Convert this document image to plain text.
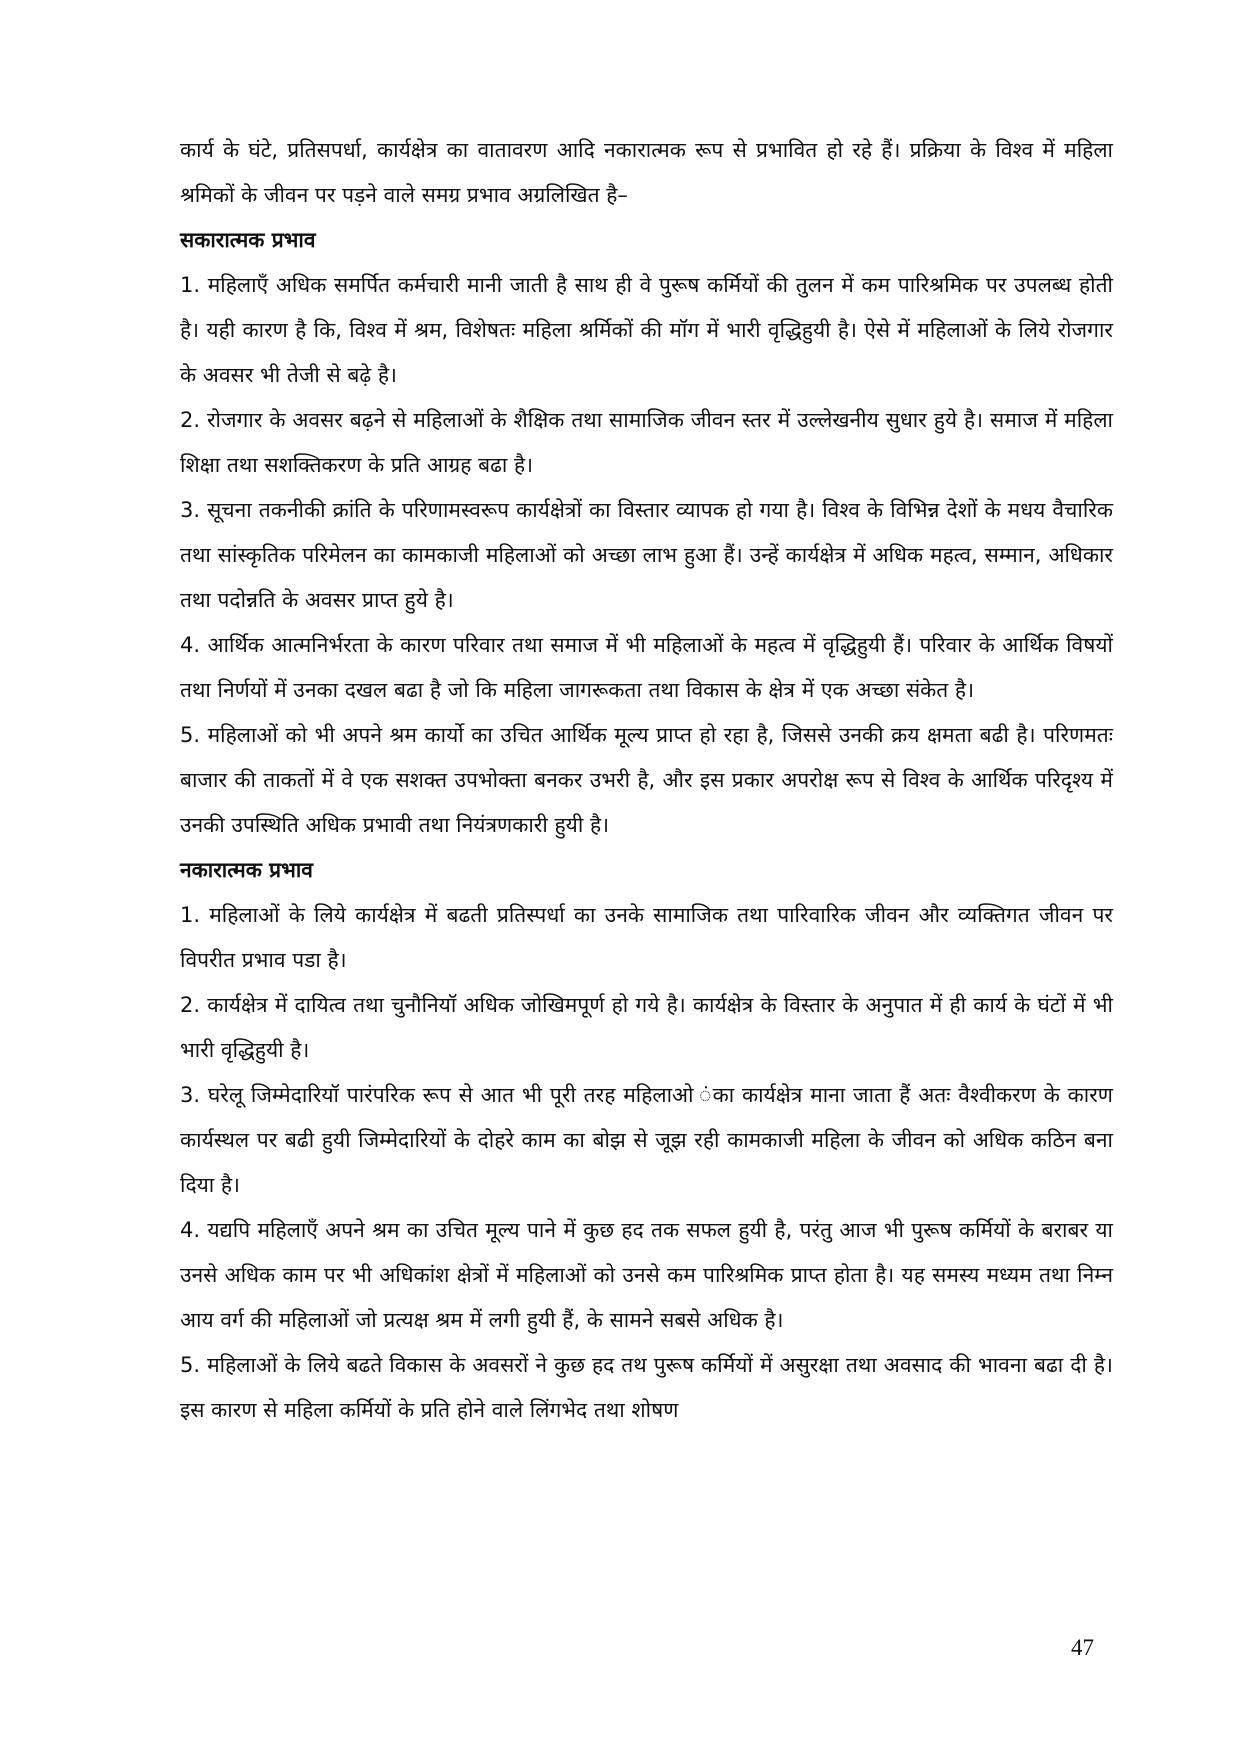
कार्य के घंटे, प्रतिसपर्धा, कार्यक्षेत्र का वातावरण आदि नकारात्मक रूप से प्रभावित हो रहे हैं। प्रक्रिया के विश्व में महिला श्रमिकों के जीवन पर पड़ने वाले समग्र प्रभाव अग्रलिखित है–

सकारात्मक प्रभाव

1. महिलाएँ अधिक समर्पित कर्मचारी मानी जाती है साथ ही वे पुरूष कर्मियों की तुलन में कम पारिश्रमिक पर उपलब्ध होती है। यही कारण है कि, विश्व में श्रम, विशेषतः महिला श्रर्मिकों की मॉग में भारी वृद्धिहुयी है। ऐसे में महिलाओं के लिये रोजगार के अवसर भी तेजी से बढ़े है।

2. रोजगार के अवसर बढ़ने से महिलाओं के शैक्षिक तथा सामाजिक जीवन स्तर में उल्लेखनीय सुधार हुये है। समाज में महिला शिक्षा तथा सशक्तिकरण के प्रति आग्रह बढा है।

3. सूचना तकनीकी क्रांति के परिणामस्वरूप कार्यक्षेत्रों का विस्तार व्यापक हो गया है। विश्व के विभिन्न देशों के मधय वैचारिक तथा सांस्कृतिक परिमेलन का कामकाजी महिलाओं को अच्छा लाभ हुआ हैं। उन्हें कार्यक्षेत्र में अधिक महत्व, सम्मान, अधिकार तथा पदोन्नति के अवसर प्राप्त हुये है।

4. आर्थिक आत्मनिर्भरता के कारण परिवार तथा समाज में भी महिलाओं के महत्व में वृद्धिहुयी हैं। परिवार के आर्थिक विषयों तथा निर्णयों में उनका दखल बढा है जो कि महिला जागरूकता तथा विकास के क्षेत्र में एक अच्छा संकेत है।

5. महिलाओं को भी अपने श्रम कार्यो का उचित आर्थिक मूल्य प्राप्त हो रहा है, जिससे उनकी क्रय क्षमता बढी है। परिणमतः बाजार की ताकतों में वे एक सशक्त उपभोक्ता बनकर उभरी है, और इस प्रकार अपरोक्ष रूप से विश्व के आर्थिक परिदृश्य में उनकी उपस्थिति अधिक प्रभावी तथा नियंत्रणकारी हुयी है।

नकारात्मक प्रभाव

1. महिलाओं के लिये कार्यक्षेत्र में बढती प्रतिस्पर्धा का उनके सामाजिक तथा पारिवारिक जीवन और व्यक्तिगत जीवन पर विपरीत प्रभाव पडा है।

2. कार्यक्षेत्र में दायित्व तथा चुनौनियॉ अधिक जोखिमपूर्ण हो गये है। कार्यक्षेत्र के विस्तार के अनुपात में ही कार्य के घंटों में भी भारी वृद्धिहुयी है।

3. घरेलू जिम्मेदारियॉ पारंपरिक रूप से आत भी पूरी तरह महिलाओ ंका कार्यक्षेत्र माना जाता हैं अतः वैश्वीकरण के कारण कार्यस्थल पर बढी हुयी जिम्मेदारियों के दोहरे काम का बोझ से जूझ रही कामकाजी महिला के जीवन को अधिक कठिन बना दिया है।

4. यद्यपि महिलाएँ अपने श्रम का उचित मूल्य पाने में कुछ हद तक सफल हुयी है, परंतु आज भी पुरूष कर्मियों के बराबर या उनसे अधिक काम पर भी अधिकांश क्षेत्रों में महिलाओं को उनसे कम पारिश्रमिक प्राप्त होता है। यह समस्य मध्यम तथा निम्न आय वर्ग की महिलाओं जो प्रत्यक्ष श्रम में लगी हुयी हैं, के सामने सबसे अधिक है।

5. महिलाओं के लिये बढते विकास के अवसरों ने कुछ हद तथ पुरूष कर्मियों में असुरक्षा तथा अवसाद की भावना बढा दी है। इस कारण से महिला कर्मियों के प्रति होने वाले लिंगभेद तथा शोषण

47
